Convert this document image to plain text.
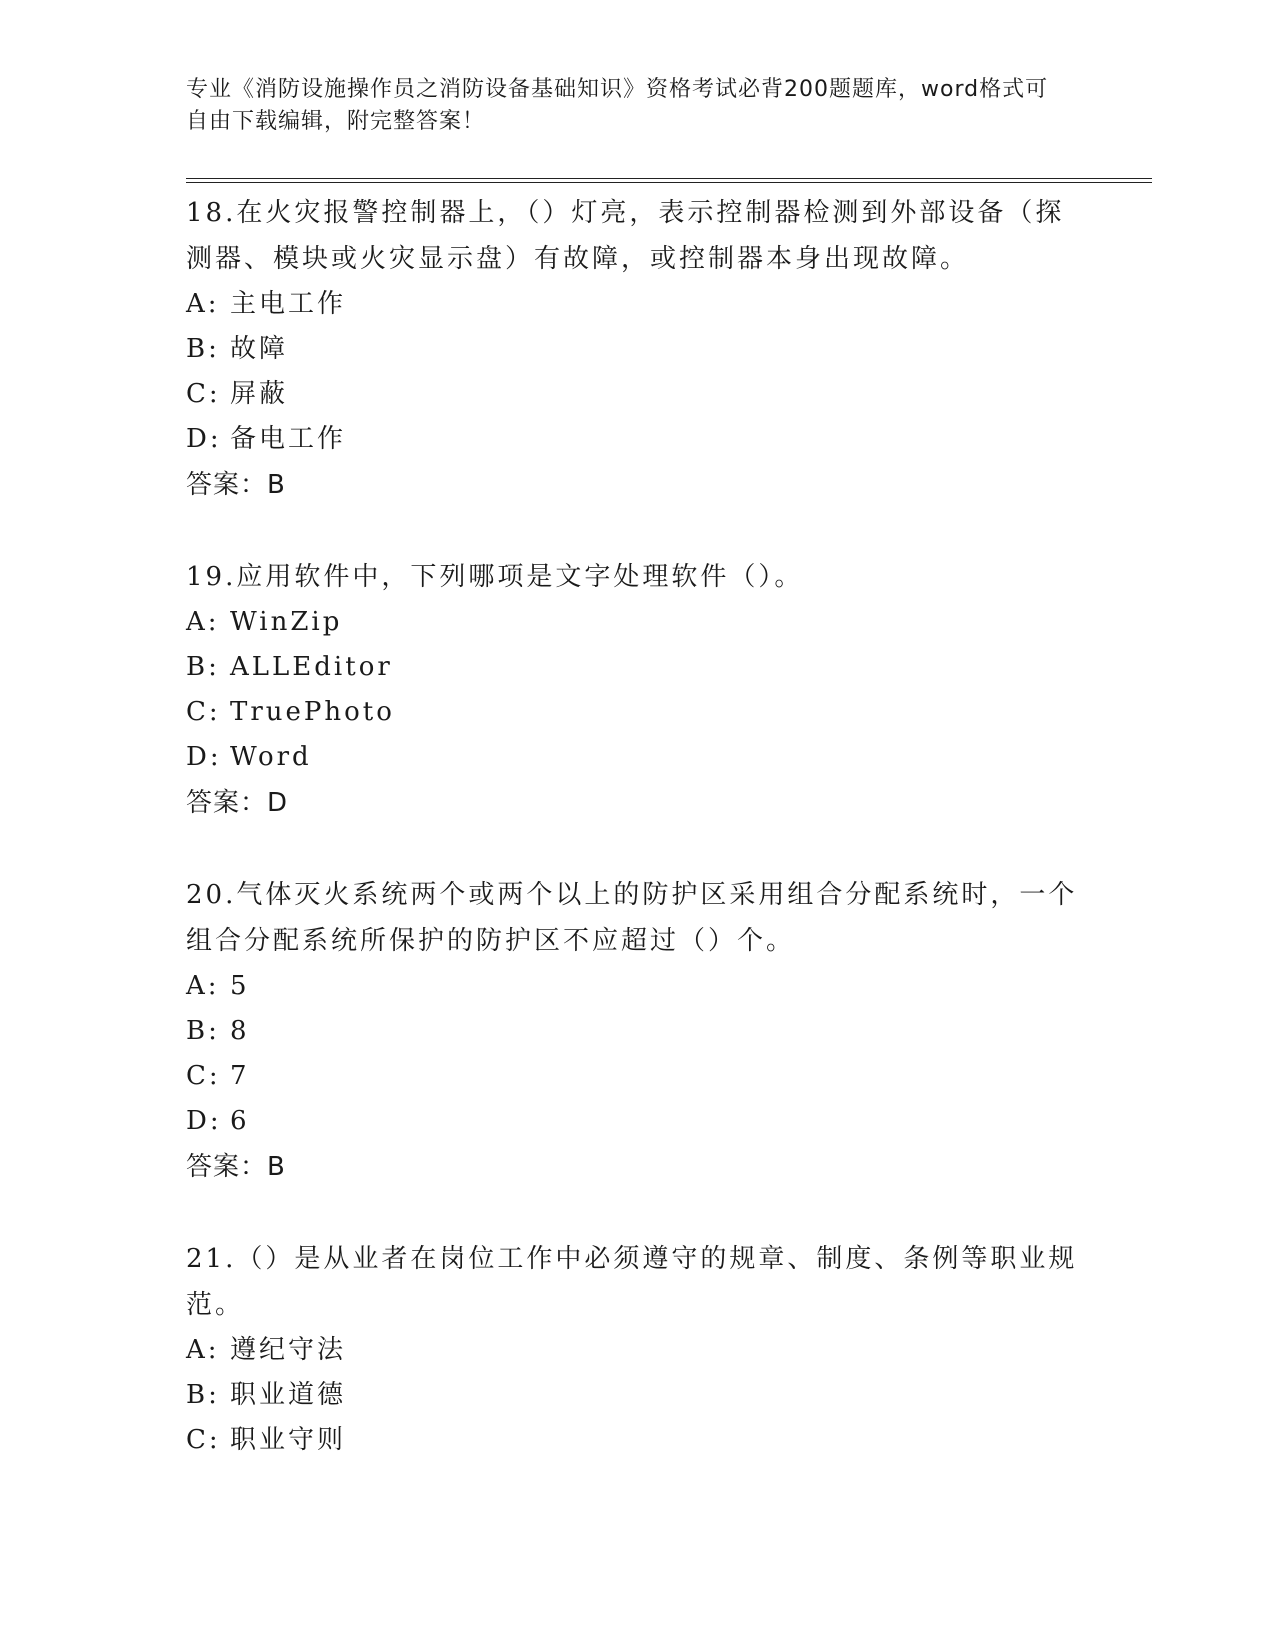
专业《消防设施操作员之消防设备基础知识》资格考试必背200题题库，word格式可自由下载编辑，附完整答案！

18.在火灾报警控制器上，（）灯亮，表示控制器检测到外部设备（探测器、模块或火灾显示盘）有故障，或控制器本身出现故障。

A: 主电工作

B: 故障

C: 屏蔽

D: 备电工作

答案：B

19.应用软件中，下列哪项是文字处理软件（）。

A: WinZip

B: ALLEditor

C: TruePhoto

D: Word

答案：D

20.气体灭火系统两个或两个以上的防护区采用组合分配系统时，一个组合分配系统所保护的防护区不应超过（）个。

A: 5

B: 8

C: 7

D: 6

答案：B

21.（）是从业者在岗位工作中必须遵守的规章、制度、条例等职业规范。

A: 遵纪守法

B: 职业道德

C: 职业守则
